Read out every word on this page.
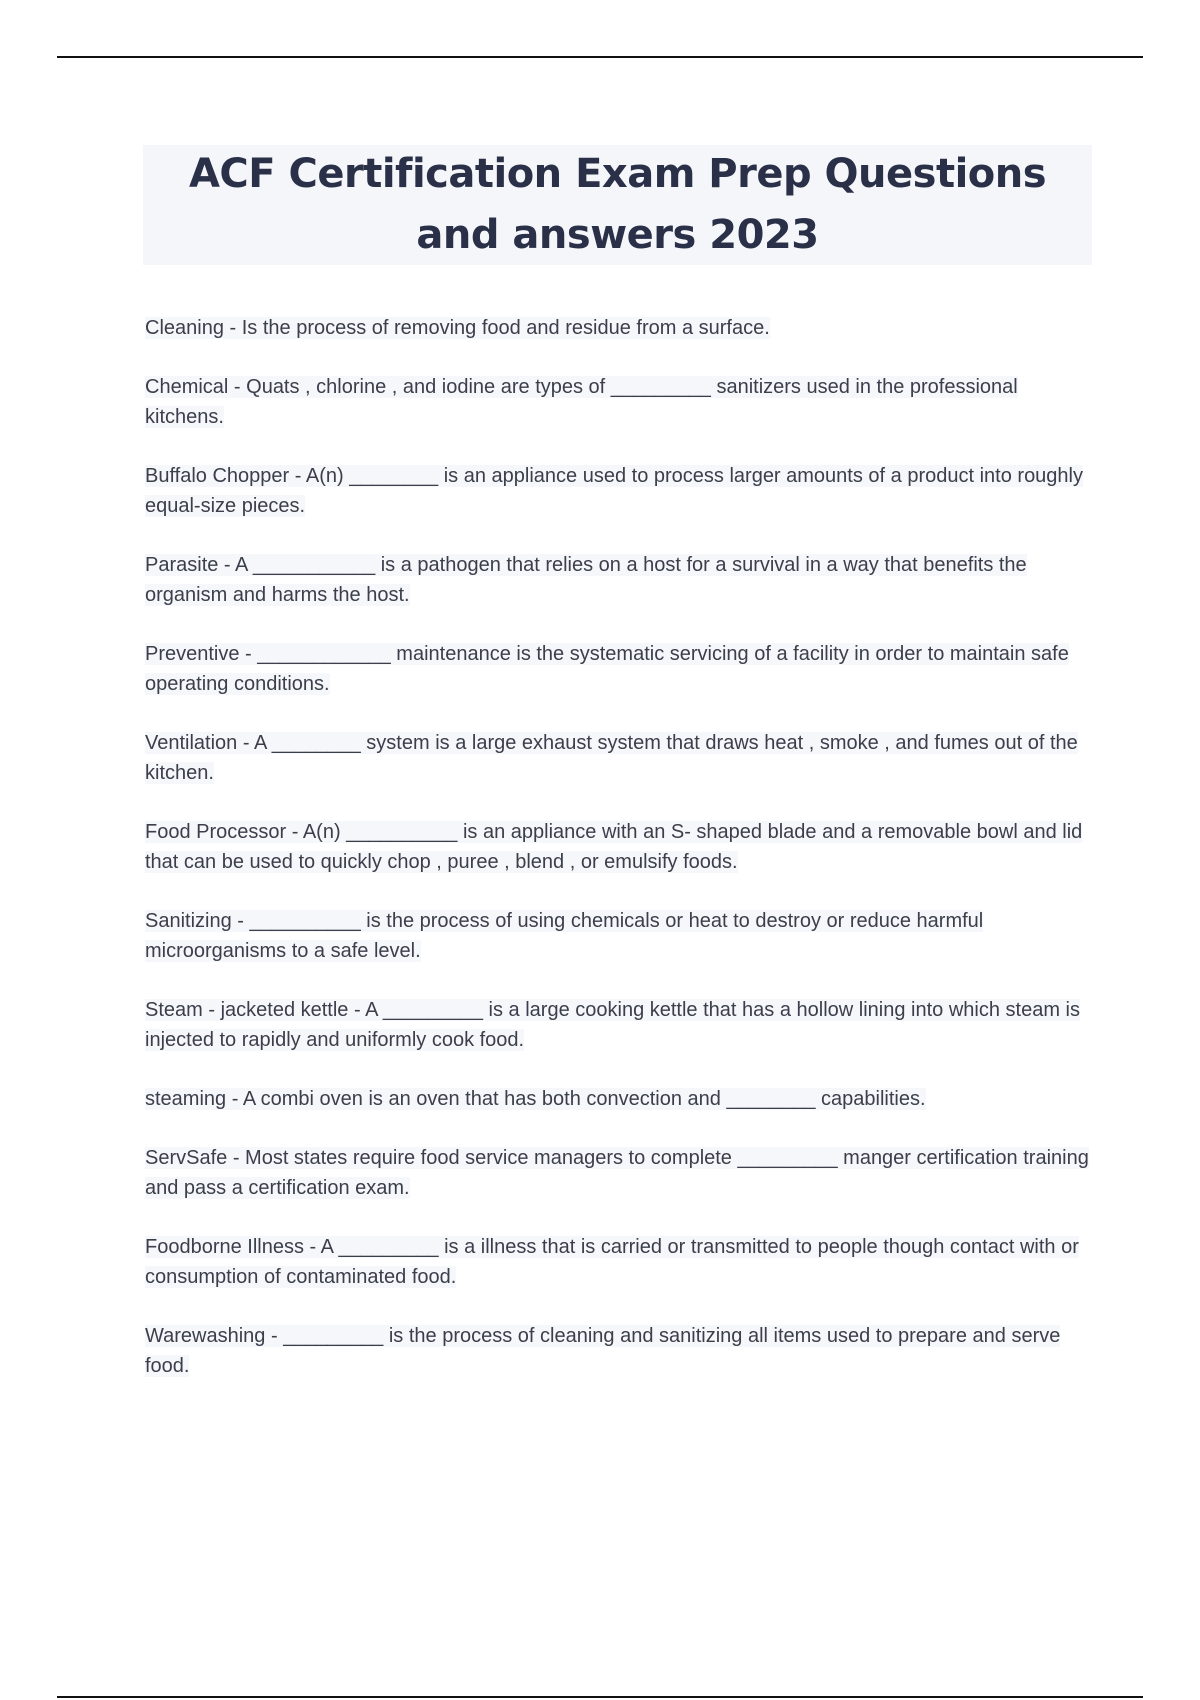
ACF Certification Exam Prep Questions and answers 2023

Cleaning - Is the process of removing food and residue from a surface.

Chemical - Quats , chlorine , and iodine are types of _________ sanitizers used in the professional kitchens.

Buffalo Chopper - A(n) ________ is an appliance used to process larger amounts of a product into roughly equal-size pieces.

Parasite - A ___________ is a pathogen that relies on a host for a survival in a way that benefits the organism and harms the host.

Preventive - ____________ maintenance is the systematic servicing of a facility in order to maintain safe operating conditions.

Ventilation - A ________ system is a large exhaust system that draws heat , smoke , and fumes out of the kitchen.

Food Processor - A(n) __________ is an appliance with an S- shaped blade and a removable bowl and lid that can be used to quickly chop , puree , blend , or emulsify foods.

Sanitizing - __________ is the process of using chemicals or heat to destroy or reduce harmful microorganisms to a safe level.

Steam - jacketed kettle - A _________ is a large cooking kettle that has a hollow lining into which steam is injected to rapidly and uniformly cook food.

steaming - A combi oven is an oven that has both convection and ________ capabilities.

ServSafe - Most states require food service managers to complete _________ manger certification training and pass a certification exam.

Foodborne Illness - A _________ is a illness that is carried or transmitted to people though contact with or consumption of contaminated food.

Warewashing - _________ is the process of cleaning and sanitizing all items used to prepare and serve food.
